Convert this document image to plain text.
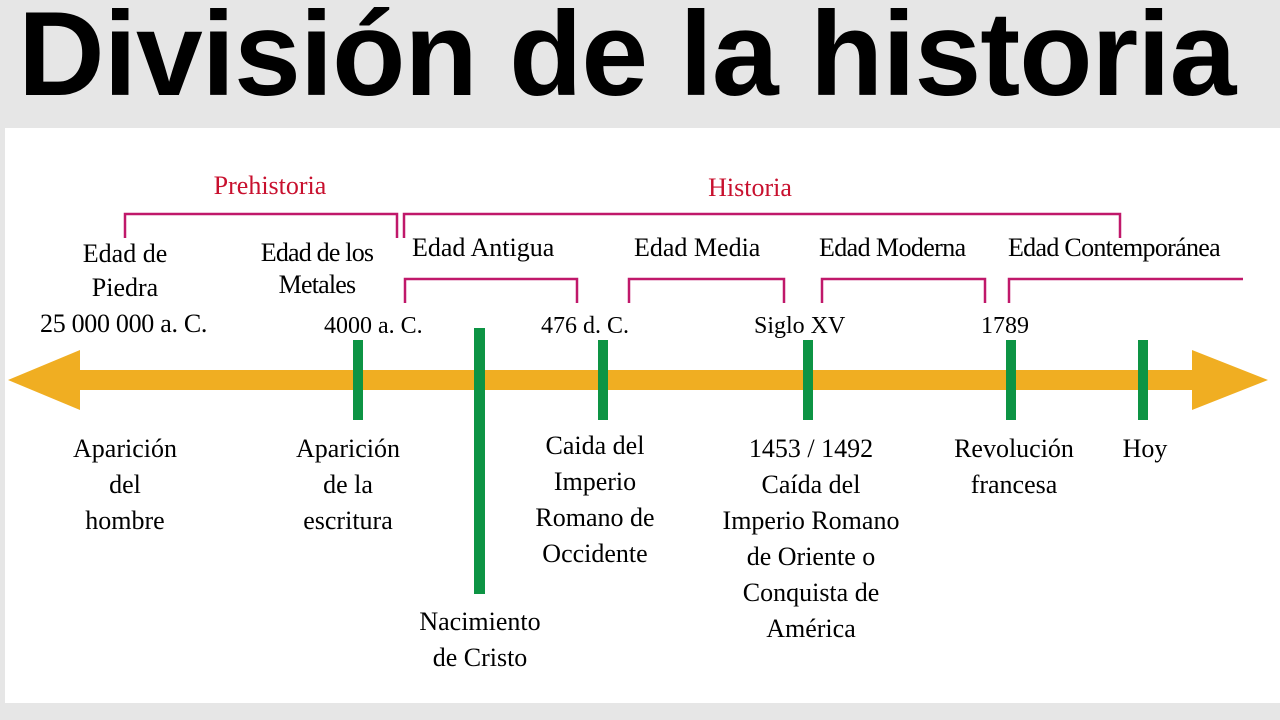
División de la historia
Prehistoria	Historia
Edad de
Piedra
Edad de los
Metales
Edad Antigua	Edad Media Edad Moderna Edad Contemporánea
25 000 000 a. C.	4000 a. C.	476 d. C.	Siglo XV	1789
Aparición
del
hombre
Aparición
de la
escritura
Nacimiento
de Cristo
Caida del
Imperio
Romano de
Occidente
1453 / 1492
Caída del
Imperio Romano
de Oriente o
Conquista de
América
Revolución
francesa
Hoy
